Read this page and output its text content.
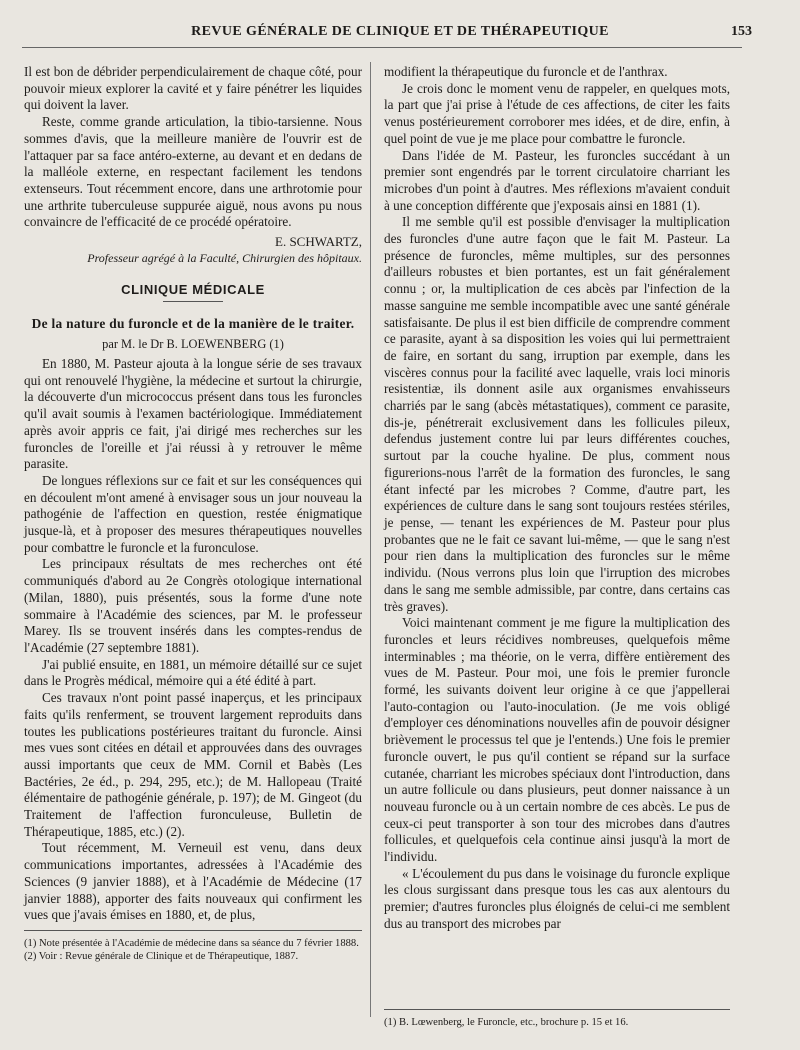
REVUE GÉNÉRALE DE CLINIQUE ET DE THÉRAPEUTIQUE	153

Il est bon de débrider perpendiculairement de chaque côté, pour pouvoir mieux explorer la cavité et y faire pénétrer les liquides qui doivent la laver.

Reste, comme grande articulation, la tibio-tarsienne. Nous sommes d'avis, que la meilleure manière de l'ouvrir est de l'attaquer par sa face antéro-externe, au devant et en dedans de la malléole externe, en respectant facilement les tendons extenseurs. Tout récemment encore, dans une arthrotomie pour une arthrite tuberculeuse suppurée aiguë, nous avons pu nous convaincre de l'efficacité de ce procédé opératoire.

E. SCHWARTZ,
Professeur agrégé à la Faculté, Chirurgien des hôpitaux.
CLINIQUE MÉDICALE
De la nature du furoncle et de la manière de le traiter.
par M. le Dr B. LOEWENBERG (1)

En 1880, M. Pasteur ajouta à la longue série de ses travaux qui ont renouvelé l'hygiène, la médecine et surtout la chirurgie, la découverte d'un micrococcus présent dans tous les furoncles qu'il avait soumis à l'examen bactériologique. Immédiatement après avoir appris ce fait, j'ai dirigé mes recherches sur les furoncles de l'oreille et j'ai réussi à y retrouver le même parasite.

De longues réflexions sur ce fait et sur les conséquences qui en découlent m'ont amené à envisager sous un jour nouveau la pathogénie de l'affection en question, restée énigmatique jusque-là, et à proposer des mesures thérapeutiques nouvelles pour combattre le furoncle et la furonculose.

Les principaux résultats de mes recherches ont été communiqués d'abord au 2e Congrès otologique international (Milan, 1880), puis présentés, sous la forme d'une note sommaire à l'Académie des sciences, par M. le professeur Marey. Ils se trouvent insérés dans les comptes-rendus de l'Académie (27 septembre 1881).

J'ai publié ensuite, en 1881, un mémoire détaillé sur ce sujet dans le Progrès médical, mémoire qui a été édité à part.

Ces travaux n'ont point passé inaperçus, et les principaux faits qu'ils renferment, se trouvent largement reproduits dans toutes les publications postérieures traitant du furoncle. Ainsi mes vues sont citées en détail et approuvées dans des ouvrages aussi importants que ceux de MM. Cornil et Babès (Les Bactéries, 2e éd., p. 294, 295, etc.); de M. Hallopeau (Traité élémentaire de pathogénie générale, p. 197); de M. Gingeot (du Traitement de l'affection furonculeuse, Bulletin de Thérapeutique, 1885, etc.) (2).

Tout récemment, M. Verneuil est venu, dans deux communications importantes, adressées à l'Académie des Sciences (9 janvier 1888), et à l'Académie de Médecine (17 janvier 1888), apporter des faits nouveaux qui confirment les vues que j'avais émises en 1880, et, de plus,

(1) Note présentée à l'Académie de médecine dans sa séance du 7 février 1888.

(2) Voir : Revue générale de Clinique et de Thérapeutique, 1887.

modifient la thérapeutique du furoncle et de l'anthrax.

Je crois donc le moment venu de rappeler, en quelques mots, la part que j'ai prise à l'étude de ces affections, de citer les faits venus postérieurement corroborer mes idées, et de dire, enfin, à quel point de vue je me place pour combattre le furoncle.

Dans l'idée de M. Pasteur, les furoncles succédant à un premier sont engendrés par le torrent circulatoire charriant les microbes d'un point à d'autres. Mes réflexions m'avaient conduit à une conception différente que j'exposais ainsi en 1881 (1).

Il me semble qu'il est possible d'envisager la multiplication des furoncles d'une autre façon que le fait M. Pasteur. La présence de furoncles, même multiples, sur des personnes d'ailleurs robustes et bien portantes, est un fait généralement connu ; or, la multiplication de ces abcès par l'infection de la masse sanguine me semble incompatible avec une santé générale satisfaisante. De plus il est bien difficile de comprendre comment ce parasite, ayant à sa disposition les voies qui lui permettraient de faire, en sortant du sang, irruption par exemple, dans les viscères connus pour la facilité avec laquelle, vrais loci minoris resistentiæ, ils donnent asile aux organismes envahisseurs charriés par le sang (abcès métastatiques), comment ce parasite, dis-je, pénétrerait exclusivement dans les follicules pileux, defendus justement contre lui par leurs différentes couches, surtout par la couche hyaline. De plus, comment nous figurerions-nous l'arrêt de la formation des furoncles, le sang étant infecté par les microbes ? Comme, d'autre part, les expériences de culture dans le sang sont toujours restées stériles, je pense, — tenant les expériences de M. Pasteur pour plus probantes que ne le fait ce savant lui-même, — que le sang n'est pour rien dans la multiplication des furoncles sur le même individu. (Nous verrons plus loin que l'irruption des microbes dans le sang me semble admissible, par contre, dans certains cas très graves).

Voici maintenant comment je me figure la multiplication des furoncles et leurs récidives nombreuses, quelquefois même interminables ; ma théorie, on le verra, diffère entièrement des vues de M. Pasteur. Pour moi, une fois le premier furoncle formé, les suivants doivent leur origine à ce que j'appellerai l'auto-contagion ou l'auto-inoculation. (Je me vois obligé d'employer ces dénominations nouvelles afin de pouvoir désigner brièvement le processus tel que je l'entends.) Une fois le premier furoncle ouvert, le pus qu'il contient se répand sur la surface cutanée, charriant les microbes spéciaux dont l'introduction, dans un autre follicule ou dans plusieurs, peut donner naissance à un nouveau furoncle ou à un certain nombre de ces abcès. Le pus de ceux-ci peut transporter à son tour des microbes dans d'autres follicules, et quelquefois cela continue ainsi jusqu'à la mort de l'individu.

« L'écoulement du pus dans le voisinage du furoncle explique les clous surgissant dans presque tous les cas aux alentours du premier; d'autres furoncles plus éloignés de celui-ci me semblent dus au transport des microbes par

(1) B. Lœwenberg, le Furoncle, etc., brochure p. 15 et 16.
